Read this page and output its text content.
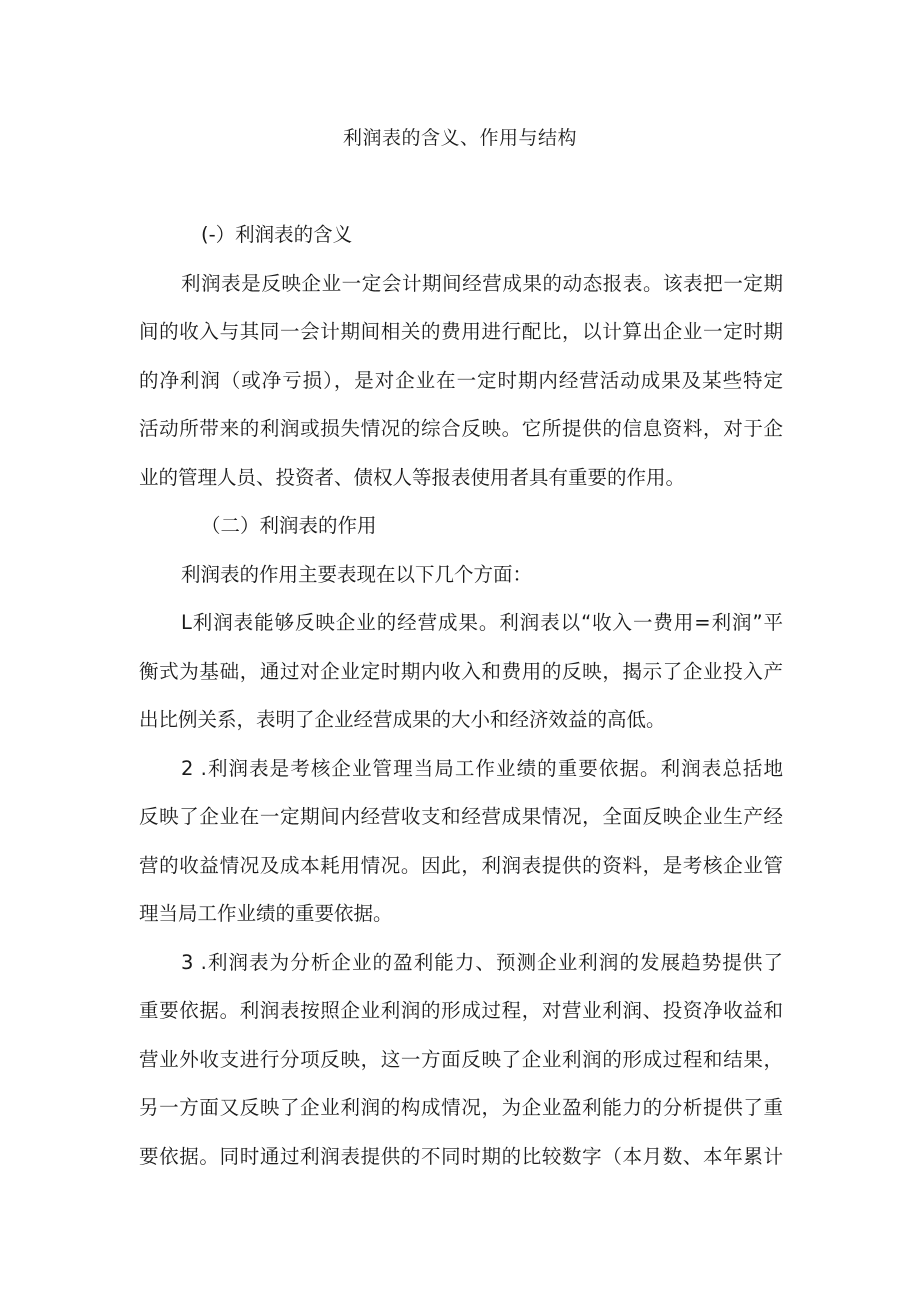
利润表的含义、作用与结构
(-）利润表的含义
利润表是反映企业一定会计期间经营成果的动态报表。该表把一定期
间的收入与其同一会计期间相关的费用进行配比，以计算出企业一定时期
的净利润（或净亏损），是对企业在一定时期内经营活动成果及某些特定
活动所带来的利润或损失情况的综合反映。它所提供的信息资料，对于企
业的管理人员、投资者、债权人等报表使用者具有重要的作用。
（二）利润表的作用
利润表的作用主要表现在以下几个方面：
L利润表能够反映企业的经营成果。利润表以“收入一费用=利润”平
衡式为基础，通过对企业定时期内收入和费用的反映，揭示了企业投入产
出比例关系，表明了企业经营成果的大小和经济效益的高低。
2 .利润表是考核企业管理当局工作业绩的重要依据。利润表总括地
反映了企业在一定期间内经营收支和经营成果情况，全面反映企业生产经
营的收益情况及成本耗用情况。因此，利润表提供的资料，是考核企业管
理当局工作业绩的重要依据。
3 .利润表为分析企业的盈利能力、预测企业利润的发展趋势提供了
重要依据。利润表按照企业利润的形成过程，对营业利润、投资净收益和
营业外收支进行分项反映，这一方面反映了企业利润的形成过程和结果，
另一方面又反映了企业利润的构成情况，为企业盈利能力的分析提供了重
要依据。同时通过利润表提供的不同时期的比较数字（本月数、本年累计
